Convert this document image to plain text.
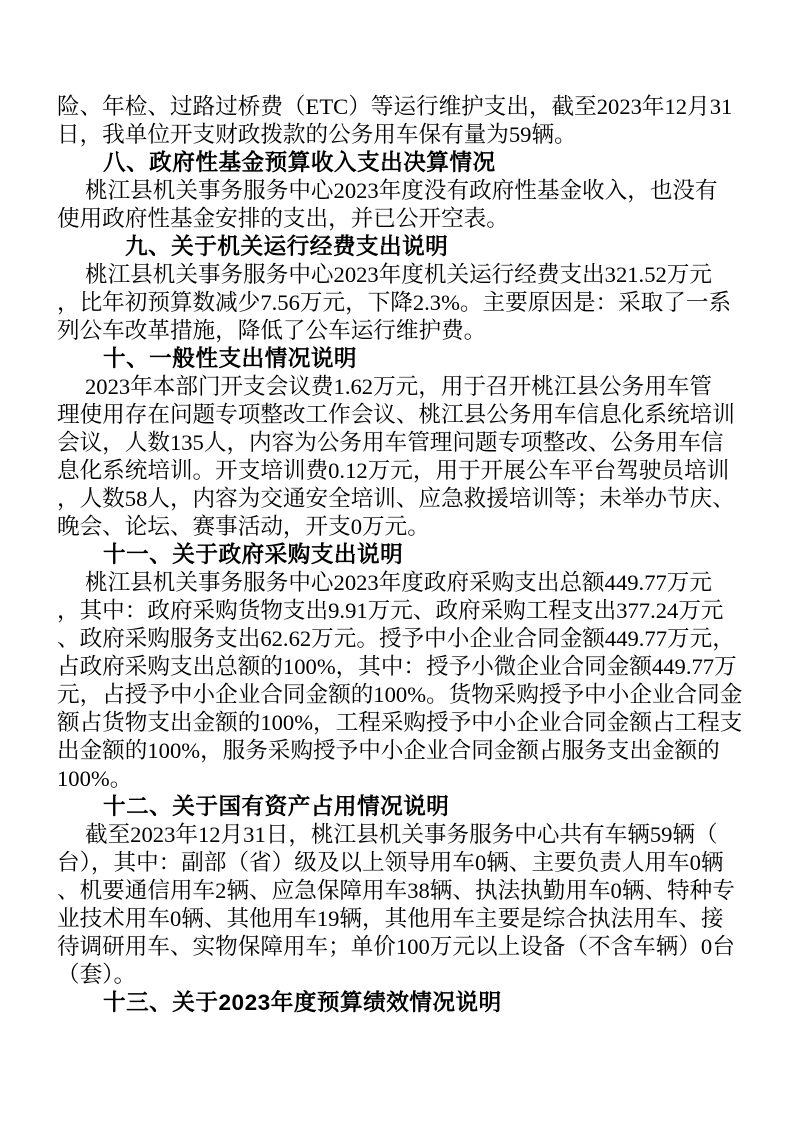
险、年检、过路过桥费（ETC）等运行维护支出，截至2023年12月31
日，我单位开支财政拨款的公务用车保有量为59辆。
八、政府性基金预算收入支出决算情况
桃江县机关事务服务中心2023年度没有政府性基金收入，也没有
使用政府性基金安排的支出，并已公开空表。
九、关于机关运行经费支出说明
桃江县机关事务服务中心2023年度机关运行经费支出321.52万元
，比年初预算数减少7.56万元，下降2.3%。主要原因是：采取了一系
列公车改革措施，降低了公车运行维护费。
十、一般性支出情况说明
2023年本部门开支会议费1.62万元，用于召开桃江县公务用车管
理使用存在问题专项整改工作会议、桃江县公务用车信息化系统培训
会议，人数135人，内容为公务用车管理问题专项整改、公务用车信
息化系统培训。开支培训费0.12万元，用于开展公车平台驾驶员培训
，人数58人，内容为交通安全培训、应急救援培训等；未举办节庆、
晚会、论坛、赛事活动，开支0万元。
十一、关于政府采购支出说明
桃江县机关事务服务中心2023年度政府采购支出总额449.77万元
，其中：政府采购货物支出9.91万元、政府采购工程支出377.24万元
、政府采购服务支出62.62万元。授予中小企业合同金额449.77万元，
占政府采购支出总额的100%，其中：授予小微企业合同金额449.77万
元，占授予中小企业合同金额的100%。货物采购授予中小企业合同金
额占货物支出金额的100%，工程采购授予中小企业合同金额占工程支
出金额的100%，服务采购授予中小企业合同金额占服务支出金额的
100%。
十二、关于国有资产占用情况说明
截至2023年12月31日，桃江县机关事务服务中心共有车辆59辆（
台），其中：副部（省）级及以上领导用车0辆、主要负责人用车0辆
、机要通信用车2辆、应急保障用车38辆、执法执勤用车0辆、特种专
业技术用车0辆、其他用车19辆，其他用车主要是综合执法用车、接
待调研用车、实物保障用车；单价100万元以上设备（不含车辆）0台
（套）。
十三、关于2023年度预算绩效情况说明
